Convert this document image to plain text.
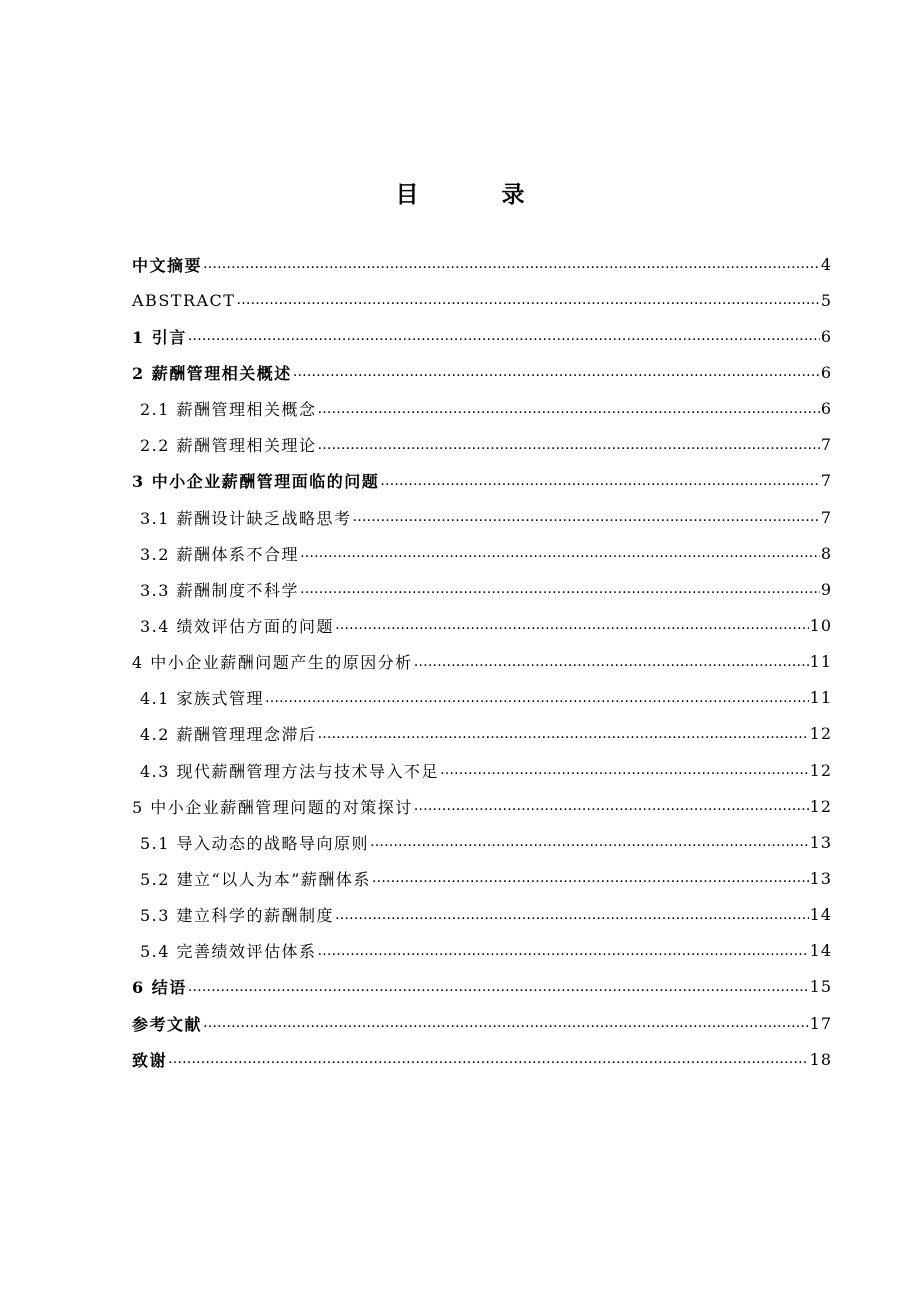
目　录
中文摘要 …………………………………………………………………………………………………………………………………………………………………………………………………………………………………………	4
ABSTRACT …………………………………………………………………………………………………………………………………………………………………………………………………………………………………………	5
1 引言 …………………………………………………………………………………………………………………………………………………………………………………………………………………………………………	6
2 薪酬管理相关概述 …………………………………………………………………………………………………………………………………………………………………………………………………………………………………………	6
2.1 薪酬管理相关概念 …………………………………………………………………………………………………………………………………………………………………………………………………………………………………………	6
2.2 薪酬管理相关理论 …………………………………………………………………………………………………………………………………………………………………………………………………………………………………………	7
3 中小企业薪酬管理面临的问题 …………………………………………………………………………………………………………………………………………………………………………………………………………………………………………	7
3.1 薪酬设计缺乏战略思考 …………………………………………………………………………………………………………………………………………………………………………………………………………………………………………	7
3.2 薪酬体系不合理 …………………………………………………………………………………………………………………………………………………………………………………………………………………………………………	8
3.3 薪酬制度不科学 …………………………………………………………………………………………………………………………………………………………………………………………………………………………………………	9
3.4 绩效评估方面的问题 …………………………………………………………………………………………………………………………………………………………………………………………………………………………………………	10
4 中小企业薪酬问题产生的原因分析 …………………………………………………………………………………………………………………………………………………………………………………………………………………………………………	11
4.1 家族式管理 …………………………………………………………………………………………………………………………………………………………………………………………………………………………………………	11
4.2 薪酬管理理念滞后 …………………………………………………………………………………………………………………………………………………………………………………………………………………………………………	12
4.3 现代薪酬管理方法与技术导入不足 …………………………………………………………………………………………………………………………………………………………………………………………………………………………………………	12
5 中小企业薪酬管理问题的对策探讨 …………………………………………………………………………………………………………………………………………………………………………………………………………………………………………	12
5.1 导入动态的战略导向原则 …………………………………………………………………………………………………………………………………………………………………………………………………………………………………………	13
5.2 建立“以人为本”薪酬体系 …………………………………………………………………………………………………………………………………………………………………………………………………………………………………………	13
5.3 建立科学的薪酬制度 …………………………………………………………………………………………………………………………………………………………………………………………………………………………………………	14
5.4 完善绩效评估体系 …………………………………………………………………………………………………………………………………………………………………………………………………………………………………………	14
6 结语 …………………………………………………………………………………………………………………………………………………………………………………………………………………………………………	15
参考文献 …………………………………………………………………………………………………………………………………………………………………………………………………………………………………………	17
致谢 …………………………………………………………………………………………………………………………………………………………………………………………………………………………………………	18
